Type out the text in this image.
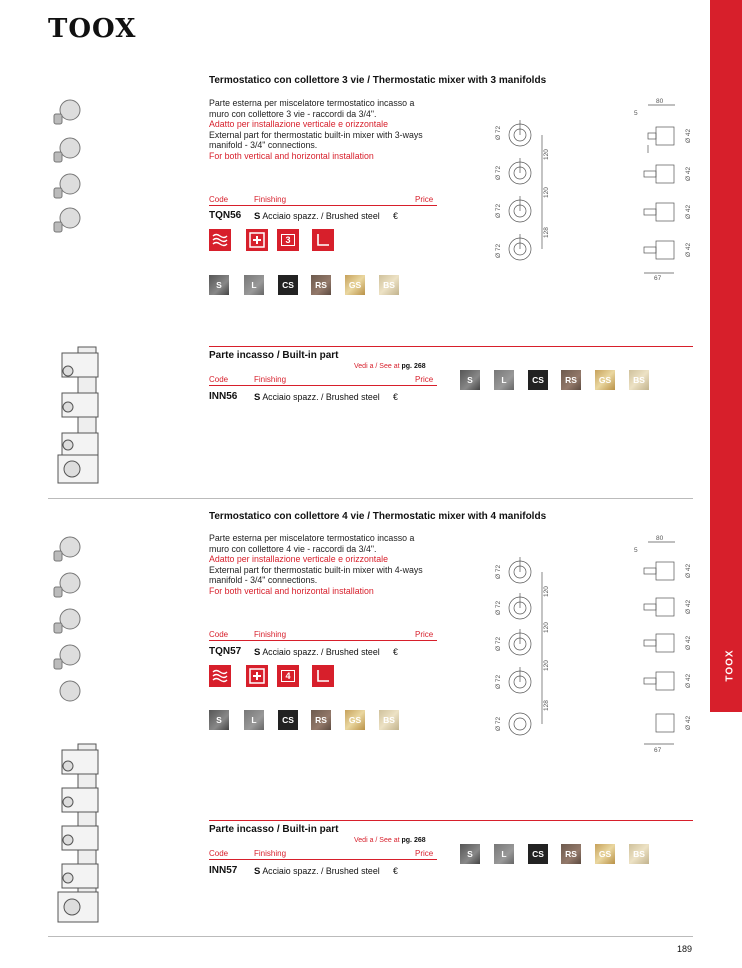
TOOX
TOOX
Termostatico con collettore 3 vie / Thermostatic mixer with 3 manifolds
Parte esterna per miscelatore termostatico incasso a muro con collettore 3 vie - raccordi da 3/4".
Adatto per installazione verticale e orizzontale
External part for thermostatic built-in mixer with 3-ways manifold - 3/4" connections.
For both vertical and horizontal installation
Code	Finishing	Price
TQN56 S Acciaio spazz. / Brushed steel €
3
S	L	CS	RS	GS	BS
Ø 72
Ø 72
Ø 72
Ø 72
120
120
128
80
5
67
Ø 42
Ø 42
Ø 42
Ø 42
Parte incasso / Built-in part
Vedi a / See at pg. 268
Code	Finishing	Price
INN56 S Acciaio spazz. / Brushed steel €
S	L	CS	RS	GS	BS
Termostatico con collettore 4 vie / Thermostatic mixer with 4 manifolds
Parte esterna per miscelatore termostatico incasso a muro con collettore 4 vie - raccordi da 3/4".
Adatto per installazione verticale e orizzontale
External part for thermostatic built-in mixer with 4-ways manifold - 3/4" connections.
For both vertical and horizontal installation
Code	Finishing	Price
TQN57 S Acciaio spazz. / Brushed steel €
4
S	L	CS	RS	GS	BS
Ø 72
Ø 72
Ø 72
Ø 72
Ø 72
120
120
120
128
80
5
67
Ø 42
Ø 42
Ø 42
Ø 42
Ø 42
Parte incasso / Built-in part
Vedi a / See at pg. 268
Code	Finishing	Price
INN57 S Acciaio spazz. / Brushed steel €
S	L	CS	RS	GS	BS
189
